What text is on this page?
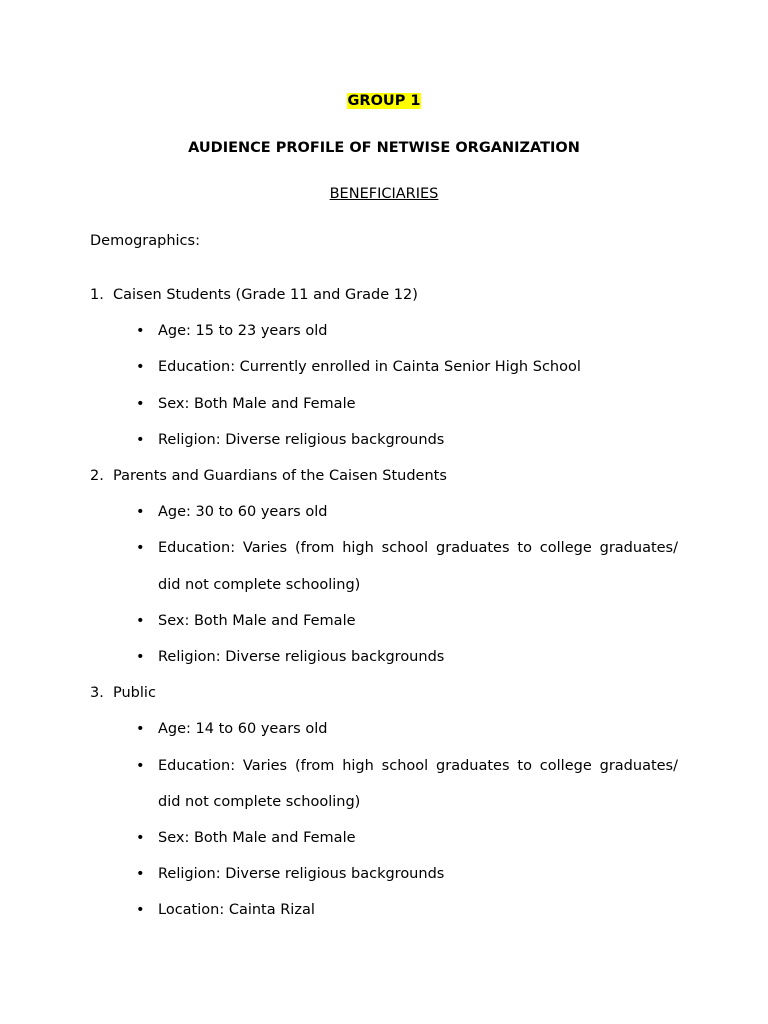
GROUP 1
AUDIENCE PROFILE OF NETWISE ORGANIZATION
BENEFICIARIES
Demographics:
1. Caisen Students (Grade 11 and Grade 12)
• Age: 15 to 23 years old
• Education: Currently enrolled in Cainta Senior High School
• Sex: Both Male and Female
• Religion: Diverse religious backgrounds
2. Parents and Guardians of the Caisen Students
• Age: 30 to 60 years old
• Education: Varies (from high school graduates to college graduates/ did not complete schooling)
• Sex: Both Male and Female
• Religion: Diverse religious backgrounds
3. Public
• Age: 14 to 60 years old
• Education: Varies (from high school graduates to college graduates/ did not complete schooling)
• Sex: Both Male and Female
• Religion: Diverse religious backgrounds
• Location: Cainta Rizal
